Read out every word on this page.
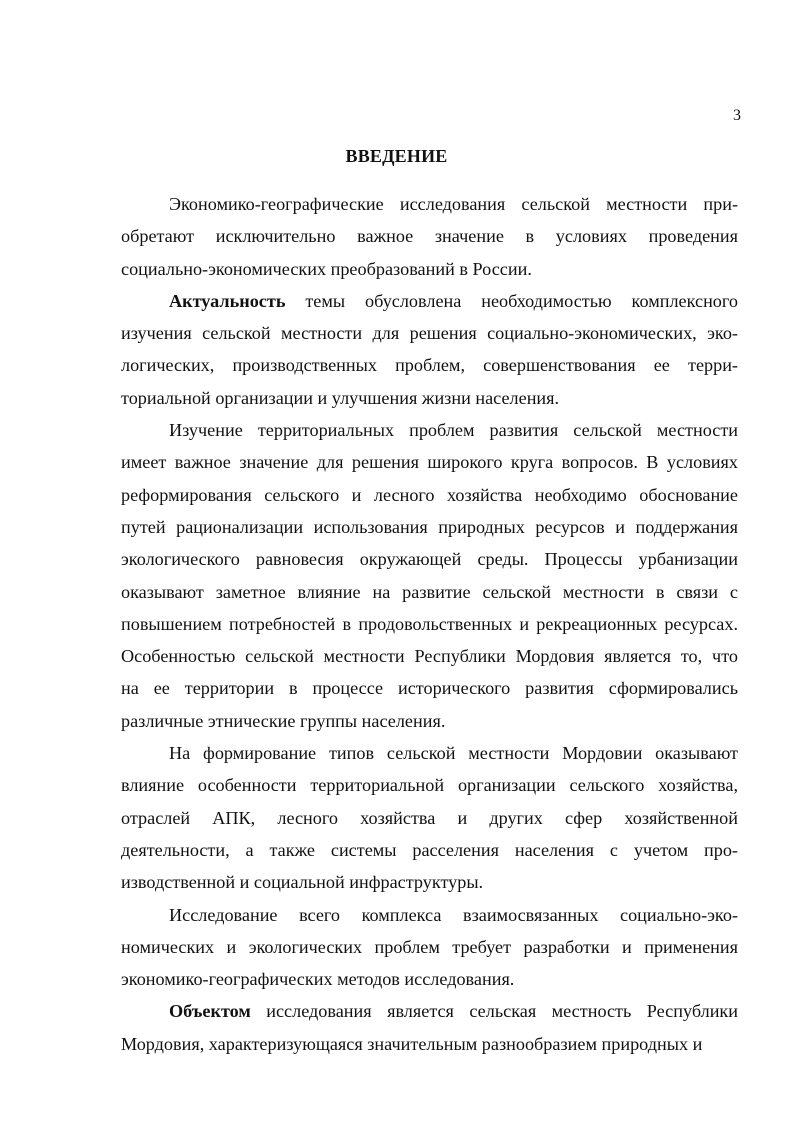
3
ВВЕДЕНИЕ

Экономико-географические исследования сельской местности при-
обретают исключительно важное значение в условиях проведения
социально-экономических преобразований в России.

Актуальность темы обусловлена необходимостью комплексного
изучения сельской местности для решения социально-экономических, эко-
логических, производственных проблем, совершенствования ее терри-
ториальной организации и улучшения жизни населения.

Изучение территориальных проблем развития сельской местности
имеет важное значение для решения широкого круга вопросов. В условиях
реформирования сельского и лесного хозяйства необходимо обоснование
путей рационализации использования природных ресурсов и поддержания
экологического равновесия окружающей среды. Процессы урбанизации
оказывают заметное влияние на развитие сельской местности в связи с
повышением потребностей в продовольственных и рекреационных ресурсах.
Особенностью сельской местности Республики Мордовия является то, что
на ее территории в процессе исторического развития сформировались
различные этнические группы населения.

На формирование типов сельской местности Мордовии оказывают
влияние особенности территориальной организации сельского хозяйства,
отраслей АПК, лесного хозяйства и других сфер хозяйственной
деятельности, а также системы расселения населения с учетом про-
изводственной и социальной инфраструктуры.

Исследование всего комплекса взаимосвязанных социально-эко-
номических и экологических проблем требует разработки и применения
экономико-географических методов исследования.

Объектом исследования является сельская местность Республики
Мордовия, характеризующаяся значительным разнообразием природных и
